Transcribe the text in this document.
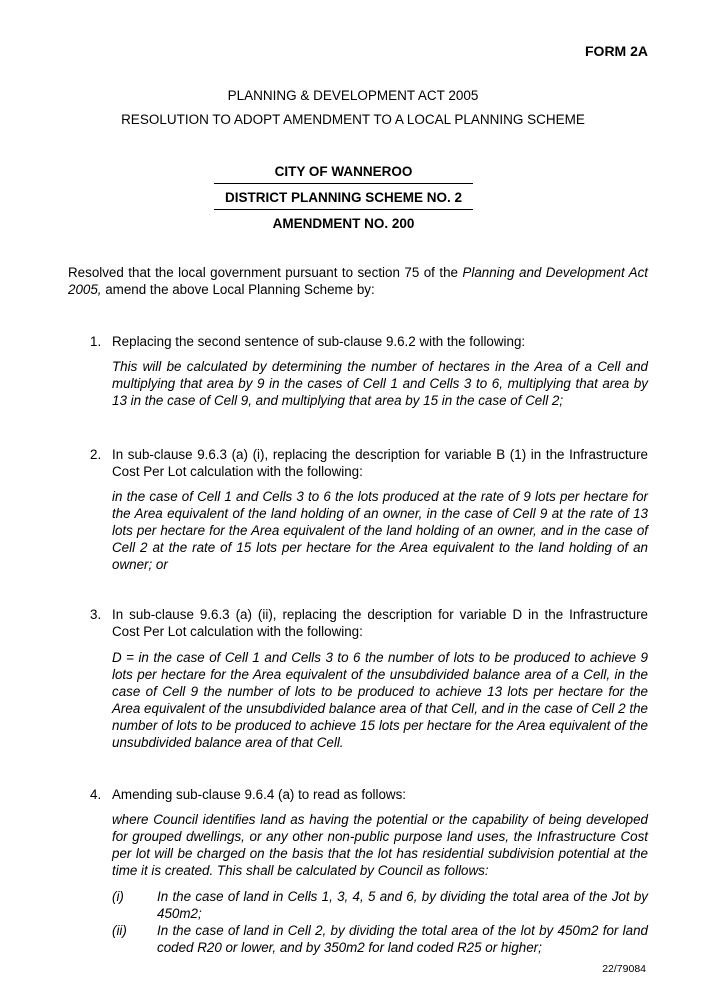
FORM 2A
PLANNING & DEVELOPMENT ACT 2005
RESOLUTION TO ADOPT AMENDMENT TO A LOCAL PLANNING SCHEME
CITY OF WANNEROO
DISTRICT PLANNING SCHEME NO. 2
AMENDMENT NO. 200
Resolved that the local government pursuant to section 75 of the Planning and Development Act 2005, amend the above Local Planning Scheme by:
1. Replacing the second sentence of sub-clause 9.6.2 with the following:
This will be calculated by determining the number of hectares in the Area of a Cell and multiplying that area by 9 in the cases of Cell 1 and Cells 3 to 6, multiplying that area by 13 in the case of Cell 9, and multiplying that area by 15 in the case of Cell 2;
2. In sub-clause 9.6.3 (a) (i), replacing the description for variable B (1) in the Infrastructure Cost Per Lot calculation with the following:
in the case of Cell 1 and Cells 3 to 6 the lots produced at the rate of 9 lots per hectare for the Area equivalent of the land holding of an owner, in the case of Cell 9 at the rate of 13 lots per hectare for the Area equivalent of the land holding of an owner, and in the case of Cell 2 at the rate of 15 lots per hectare for the Area equivalent to the land holding of an owner; or
3. In sub-clause 9.6.3 (a) (ii), replacing the description for variable D in the Infrastructure Cost Per Lot calculation with the following:
D = in the case of Cell 1 and Cells 3 to 6 the number of lots to be produced to achieve 9 lots per hectare for the Area equivalent of the unsubdivided balance area of a Cell, in the case of Cell 9 the number of lots to be produced to achieve 13 lots per hectare for the Area equivalent of the unsubdivided balance area of that Cell, and in the case of Cell 2 the number of lots to be produced to achieve 15 lots per hectare for the Area equivalent of the unsubdivided balance area of that Cell.
4. Amending sub-clause 9.6.4 (a) to read as follows:
where Council identifies land as having the potential or the capability of being developed for grouped dwellings, or any other non-public purpose land uses, the Infrastructure Cost per lot will be charged on the basis that the lot has residential subdivision potential at the time it is created. This shall be calculated by Council as follows:
(i) In the case of land in Cells 1, 3, 4, 5 and 6, by dividing the total area of the Jot by 450m2;
(ii) In the case of land in Cell 2, by dividing the total area of the lot by 450m2 for land coded R20 or lower, and by 350m2 for land coded R25 or higher;
22/79084
